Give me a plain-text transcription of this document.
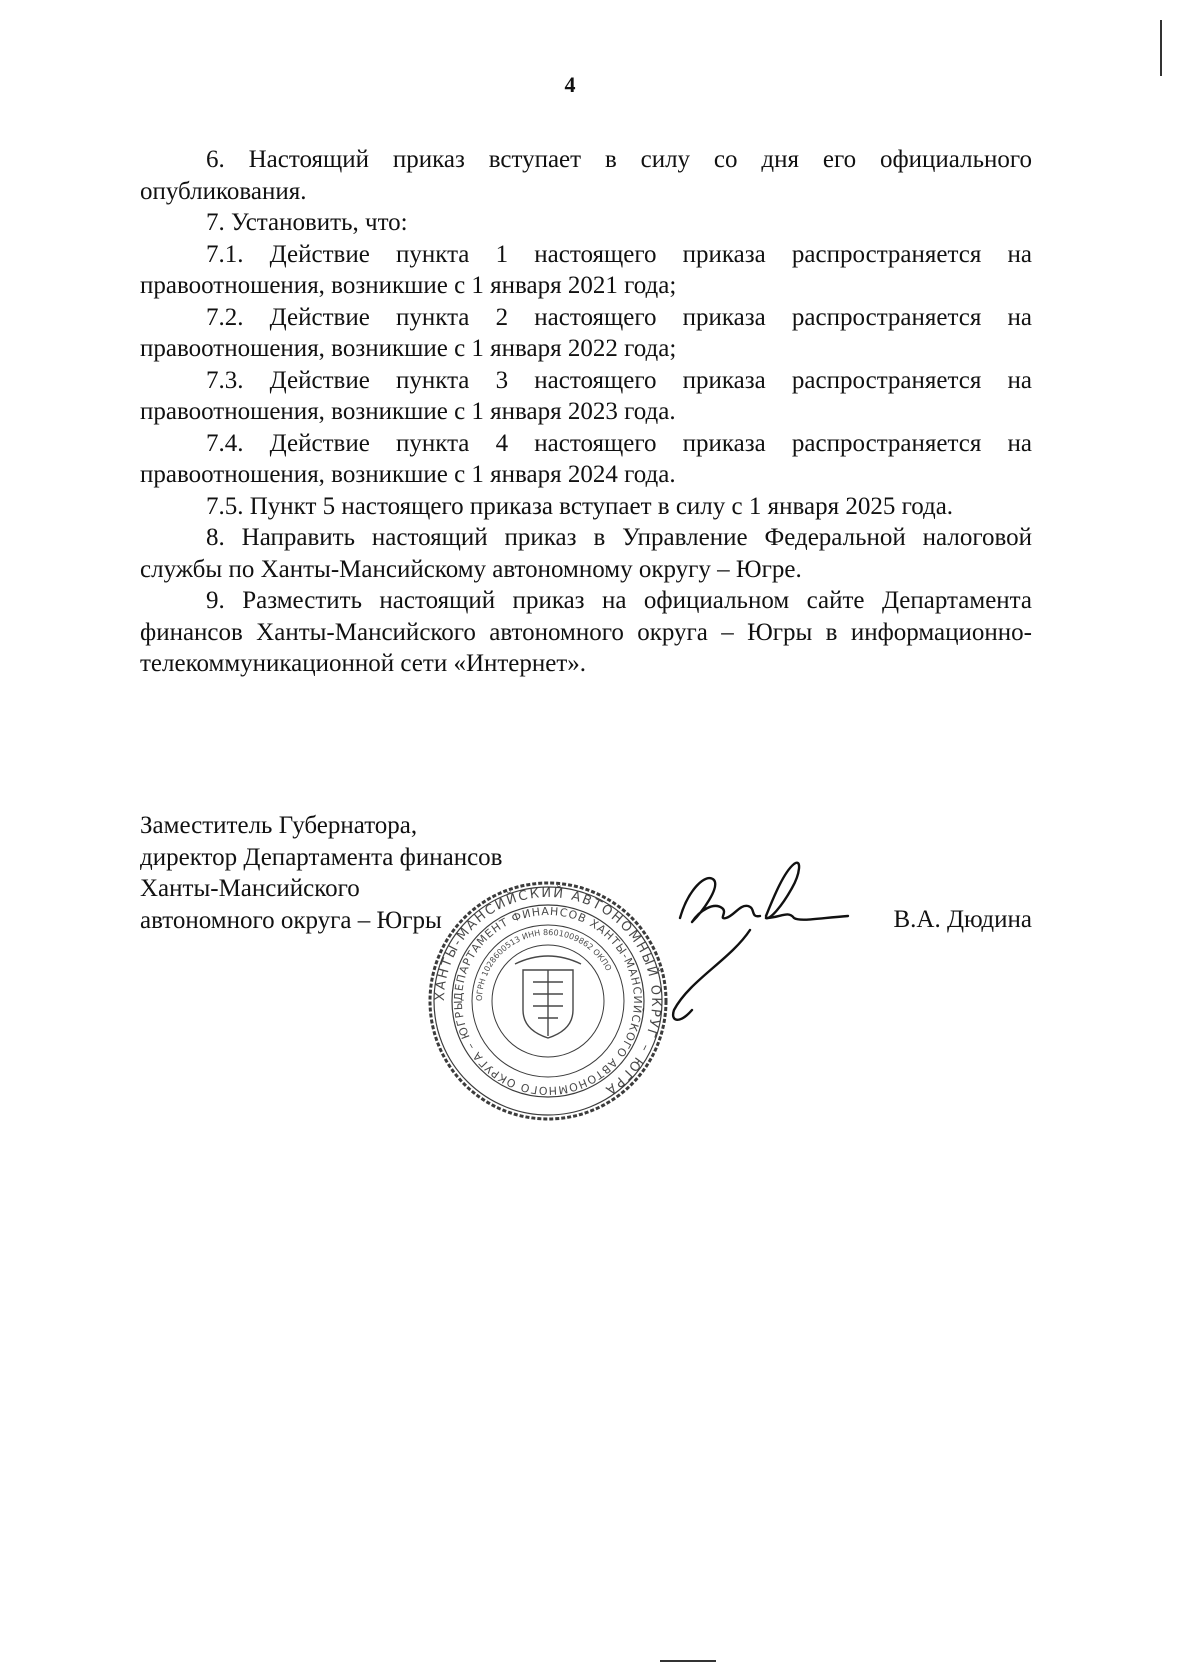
4

6. Настоящий приказ вступает в силу со дня его официального опубликования.

7. Установить, что:

7.1. Действие пункта 1 настоящего приказа распространяется на правоотношения, возникшие с 1 января 2021 года;

7.2. Действие пункта 2 настоящего приказа распространяется на правоотношения, возникшие с 1 января 2022 года;

7.3. Действие пункта 3 настоящего приказа распространяется на правоотношения, возникшие с 1 января 2023 года.

7.4. Действие пункта 4 настоящего приказа распространяется на правоотношения, возникшие с 1 января 2024 года.

7.5. Пункт 5 настоящего приказа вступает в силу с 1 января 2025 года.

8. Направить настоящий приказ в Управление Федеральной налоговой службы по Ханты-Мансийскому автономному округу – Югре.

9. Разместить настоящий приказ на официальном сайте Департамента финансов Ханты-Мансийского автономного округа – Югры в информационно-телекоммуникационной сети «Интернет».

Заместитель Губернатора,
директор Департамента финансов
Ханты-Мансийского
автономного округа – Югры	В.А. Дюдина
ХАНТЫ-МАНСИЙСКИЙ АВТОНОМНЫЙ ОКРУГ – ЮГРА
ДЕПАРТАМЕНТ ФИНАНСОВ ХАНТЫ-МАНСИЙСКОГО АВТОНОМНОГО ОКРУГА – ЮГРЫ
ОГРН 1028600513 ИНН 8601009862 ОКПО
